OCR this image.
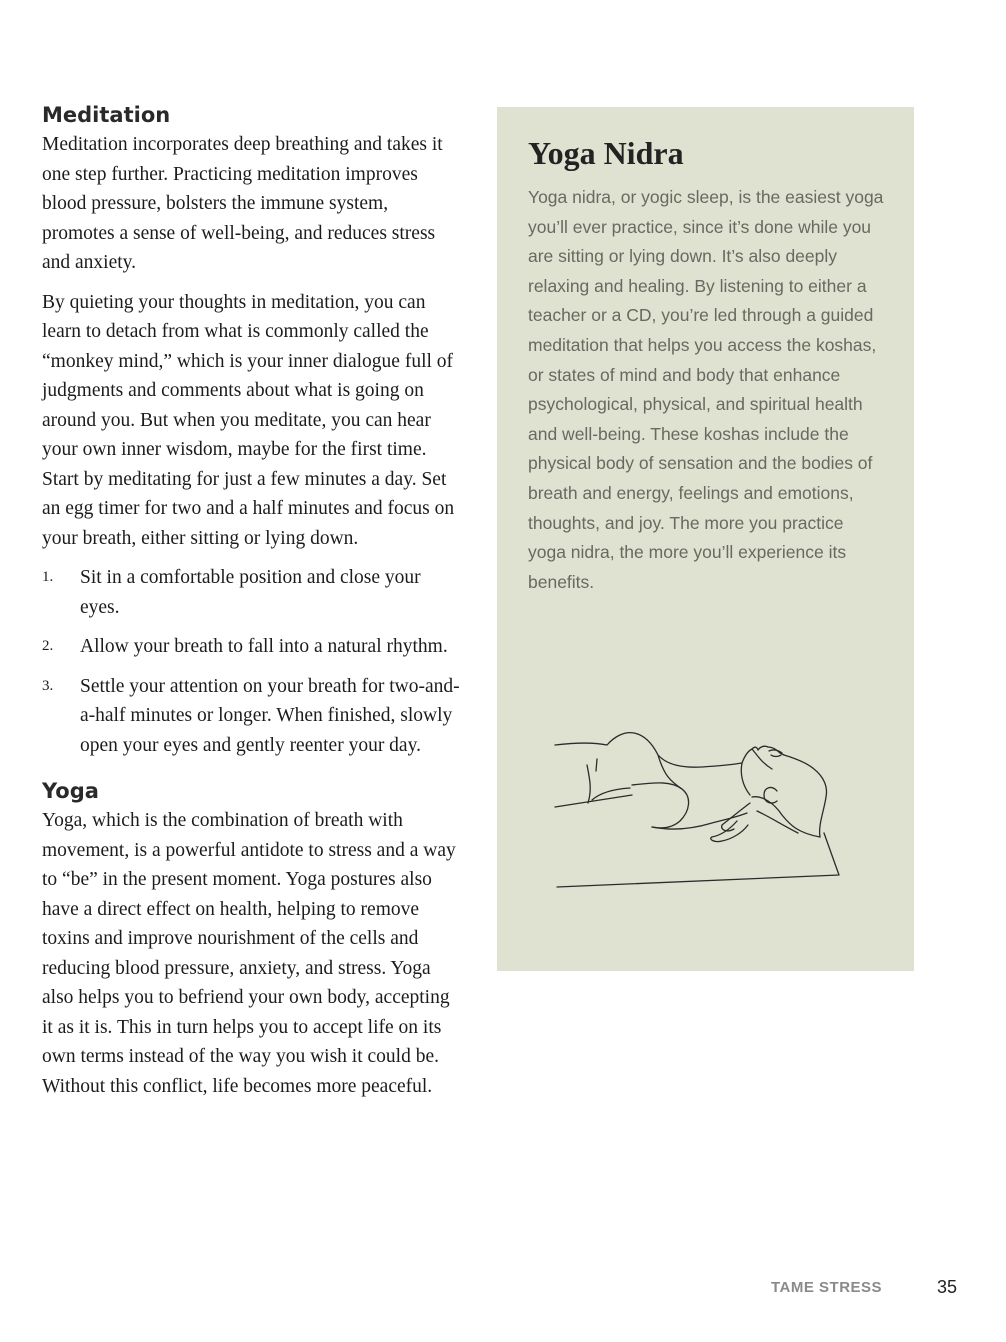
Meditation

Meditation incorporates deep breathing and takes it one step further. Practicing meditation improves blood pressure, bolsters the immune system, promotes a sense of well-being, and reduces stress and anxiety.

By quieting your thoughts in meditation, you can learn to detach from what is commonly called the “monkey mind,” which is your inner dialogue full of judgments and comments about what is going on around you. But when you meditate, you can hear your own inner wisdom, maybe for the first time. Start by meditating for just a few minutes a day. Set an egg timer for two and a half minutes and focus on your breath, either sitting or lying down.

1. Sit in a comfortable position and close your eyes.
2. Allow your breath to fall into a natural rhythm.
3. Settle your attention on your breath for two-and-a-half minutes or longer. When finished, slowly open your eyes and gently reenter your day.
Yoga

Yoga, which is the combination of breath with movement, is a powerful antidote to stress and a way to “be” in the present moment. Yoga postures also have a direct effect on health, helping to remove toxins and improve nourishment of the cells and reducing blood pressure, anxiety, and stress. Yoga also helps you to befriend your own body, accepting it as it is. This in turn helps you to accept life on its own terms instead of the way you wish it could be. Without this conflict, life becomes more peaceful.

Yoga Nidra

Yoga nidra, or yogic sleep, is the easiest yoga you’ll ever practice, since it’s done while you are sitting or lying down. It’s also deeply relaxing and healing. By listening to either a teacher or a CD, you’re led through a guided meditation that helps you access the koshas, or states of mind and body that enhance psychological, physical, and spiritual health and well-being. These koshas include the physical body of sensation and the bodies of breath and energy, feelings and emotions, thoughts, and joy. The more you practice yoga nidra, the more you’ll experience its benefits.

TAME STRESS	35
